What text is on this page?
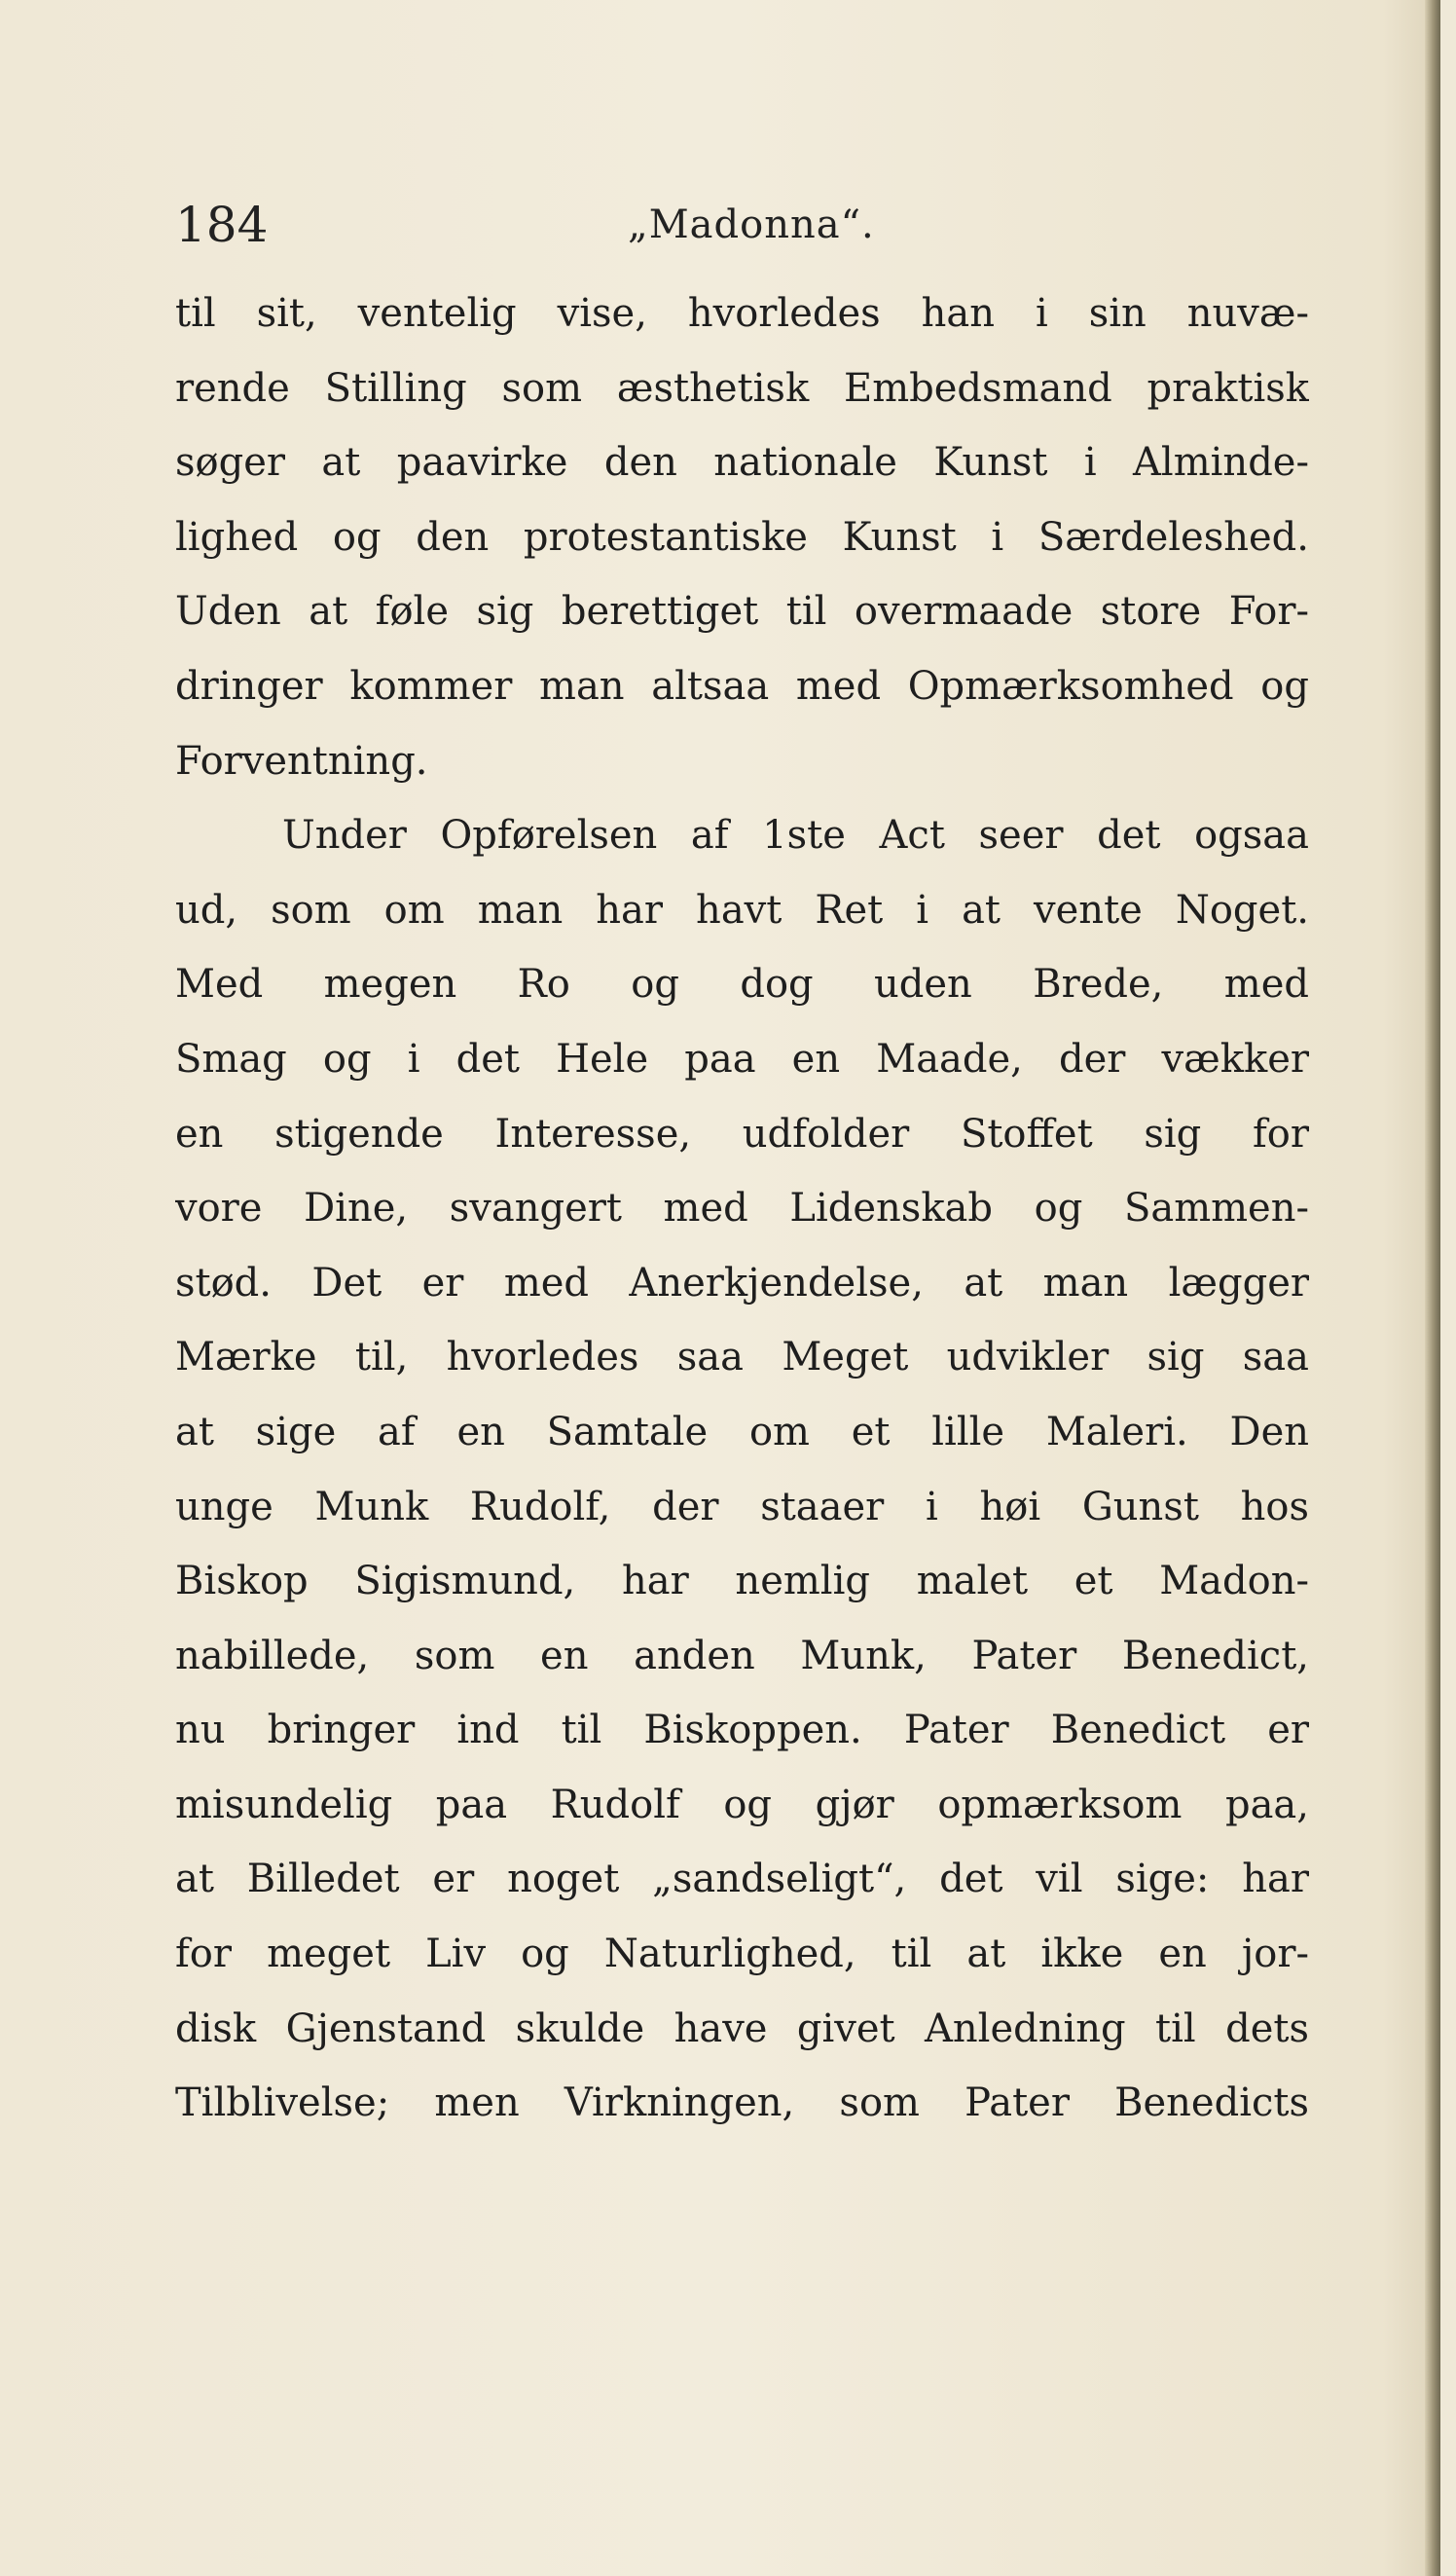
184	„Madonna“.
til sit, ventelig vise, hvorledes han i sin nuvæ-
rende Stilling som æsthetisk Embedsmand praktisk
søger at paavirke den nationale Kunst i Alminde-
lighed og den protestantiske Kunst i Særdeleshed.
Uden at føle sig berettiget til overmaade store For-
dringer kommer man altsaa med Opmærksomhed og
Forventning.
Under Opførelsen af 1ste Act seer det ogsaa
ud, som om man har havt Ret i at vente Noget.
Med megen Ro og dog uden Brede, med
Smag og i det Hele paa en Maade, der vækker
en stigende Interesse, udfolder Stoffet sig for
vore Dine, svangert med Lidenskab og Sammen-
stød. Det er med Anerkjendelse, at man lægger
Mærke til, hvorledes saa Meget udvikler sig saa
at sige af en Samtale om et lille Maleri. Den
unge Munk Rudolf, der staaer i høi Gunst hos
Biskop Sigismund, har nemlig malet et Madon-
nabillede, som en anden Munk, Pater Benedict,
nu bringer ind til Biskoppen. Pater Benedict er
misundelig paa Rudolf og gjør opmærksom paa,
at Billedet er noget „sandseligt“, det vil sige: har
for meget Liv og Naturlighed, til at ikke en jor-
disk Gjenstand skulde have givet Anledning til dets
Tilblivelse; men Virkningen, som Pater Benedicts
